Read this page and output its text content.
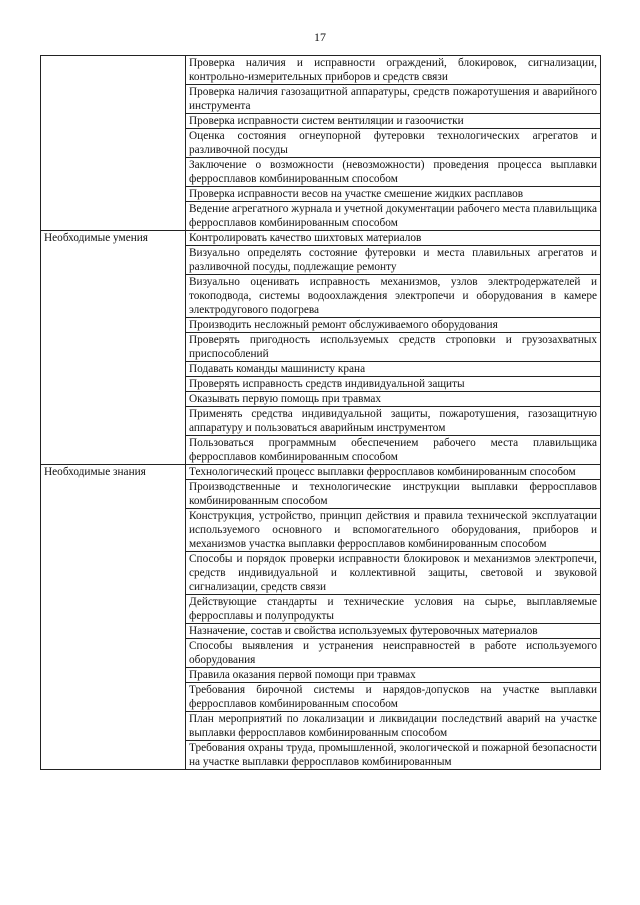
17
	Проверка наличия и исправности ограждений, блокировок, сигнализации, контрольно-измерительных приборов и средств связи
	Проверка наличия газозащитной аппаратуры, средств пожаротушения и аварийного инструмента
	Проверка исправности систем вентиляции и газоочистки
	Оценка состояния огнеупорной футеровки технологических агрегатов и разливочной посуды
	Заключение о возможности (невозможности) проведения процесса выплавки ферросплавов комбинированным способом
	Проверка исправности весов на участке смешение жидких расплавов
	Ведение агрегатного журнала и учетной документации рабочего места плавильщика ферросплавов комбинированным способом
Необходимые умения	Контролировать качество шихтовых материалов
	Визуально определять состояние футеровки и места плавильных агрегатов и разливочной посуды, подлежащие ремонту
	Визуально оценивать исправность механизмов, узлов электродержателей и токоподвода, системы водоохлаждения электропечи и оборудования в камере электродугового подогрева
	Производить несложный ремонт обслуживаемого оборудования
	Проверять пригодность используемых средств строповки и грузозахватных приспособлений
	Подавать команды машинисту крана
	Проверять исправность средств индивидуальной защиты
	Оказывать первую помощь при травмах
	Применять средства индивидуальной защиты, пожаротушения, газозащитную аппаратуру и пользоваться аварийным инструментом
	Пользоваться программным обеспечением рабочего места плавильщика ферросплавов комбинированным способом
Необходимые знания	Технологический процесс выплавки ферросплавов комбинированным способом
	Производственные и технологические инструкции выплавки ферросплавов комбинированным способом
	Конструкция, устройство, принцип действия и правила технической эксплуатации используемого основного и вспомогательного оборудования, приборов и механизмов участка выплавки ферросплавов комбинированным способом
	Способы и порядок проверки исправности блокировок и механизмов электропечи, средств индивидуальной и коллективной защиты, световой и звуковой сигнализации, средств связи
	Действующие стандарты и технические условия на сырье, выплавляемые ферросплавы и полупродукты
	Назначение, состав и свойства используемых футеровочных материалов
	Способы выявления и устранения неисправностей в работе используемого оборудования
	Правила оказания первой помощи при травмах
	Требования бирочной системы и нарядов-допусков на участке выплавки ферросплавов комбинированным способом
	План мероприятий по локализации и ликвидации последствий аварий на участке выплавки ферросплавов комбинированным способом
	Требования охраны труда, промышленной, экологической и пожарной безопасности на участке выплавки ферросплавов комбинированным
